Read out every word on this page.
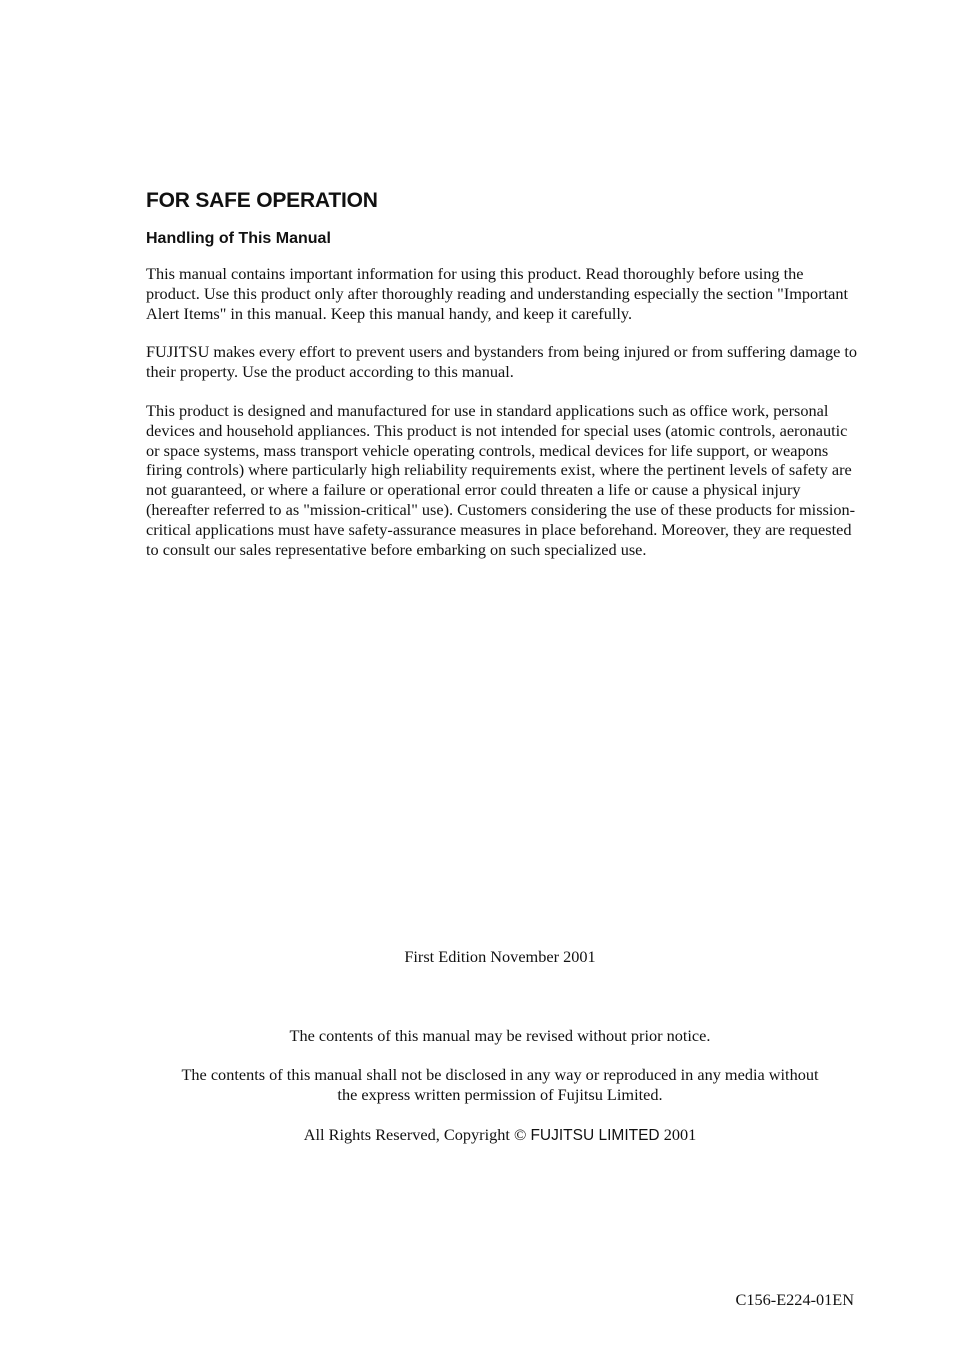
FOR SAFE OPERATION
Handling of This Manual

This manual contains important information for using this product. Read thoroughly before using the product. Use this product only after thoroughly reading and understanding especially the section "Important Alert Items" in this manual. Keep this manual handy, and keep it carefully.

FUJITSU makes every effort to prevent users and bystanders from being injured or from suffering damage to their property. Use the product according to this manual.

This product is designed and manufactured for use in standard applications such as office work, personal devices and household appliances. This product is not intended for special uses (atomic controls, aeronautic or space systems, mass transport vehicle operating controls, medical devices for life support, or weapons firing controls) where particularly high reliability requirements exist, where the pertinent levels of safety are not guaranteed, or where a failure or operational error could threaten a life or cause a physical injury (hereafter referred to as "mission-critical" use). Customers considering the use of these products for mission-critical applications must have safety-assurance measures in place beforehand. Moreover, they are requested to consult our sales representative before embarking on such specialized use.

First Edition November 2001

The contents of this manual may be revised without prior notice.

The contents of this manual shall not be disclosed in any way or reproduced in any media without
the express written permission of Fujitsu Limited.

All Rights Reserved, Copyright © FUJITSU LIMITED 2001

C156-E224-01EN
